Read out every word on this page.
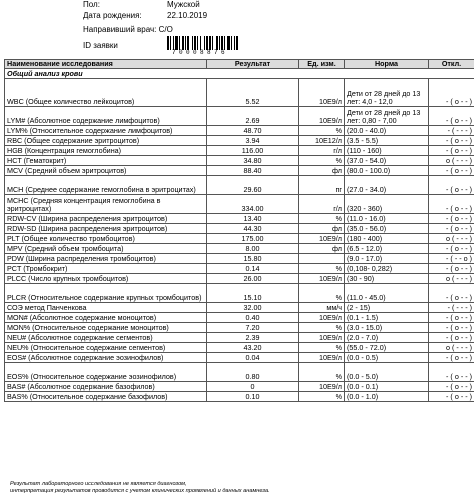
Пол:	Мужской
Дата рождения:	22.10.2019
Направивший врач: С/О
ID заявки
70008876
Наименование исследования	Результат	Ед. изм.	Норма	Откл.
Общий анализ крови				
WBC (Общее количество лейкоцитов)	5.52	10E9/л	Дети от 28 дней до 13 лет: 4,0 - 12,0	- ( o - - )
LYM# (Абсолютное содержание лимфоцитов)	2.69	10E9/л	Дети от 28 дней до 13 лет: 0,80 - 7,00	- ( o - - )
LYM% (Относительное содержание лимфоцитов)	48.70	%	(20.0 - 40.0)	- ( - - - )
RBC (Общее содержание эритроцитов)	3.94	10E12/л	(3.5 - 5.5)	- ( o - - )
HGB (Концентрация гемоглобина)	116.00	г/л	(110 - 160)	- ( o - - )
HCT (Гематокрит)	34.80	%	(37.0 - 54.0)	o ( - - - )
MCV (Средний объем эритроцитов)	88.40	фл	(80.0 - 100.0)	- ( o - - )
MCH (Среднее содержание гемоглобина в эритроцитах)	29.60	пг	(27.0 - 34.0)	- ( o - - )
MCHC (Средняя концентрация гемоглобина в эритроцитах)	334.00	г/л	(320 - 360)	- ( o - - )
RDW-CV (Ширина распределения эритроцитов)	13.40	%	(11.0 - 16.0)	- ( o - - )
RDW-SD (Ширина распределения эритроцитов)	44.30	фл	(35.0 - 56.0)	- ( o - - )
PLT (Общее количество тромбоцитов)	175.00	10E9/л	(180 - 400)	o ( - - - )
MPV (Средний объем тромбоцита)	8.00	фл	(6.5 - 12.0)	- ( o - - )
PDW (Ширина распределения тромбоцитов)	15.80		(9.0 - 17.0)	- ( - - o )
PCT (Тромбокрит)	0.14	%	(0,108- 0,282)	- ( o - - )
PLCC (Число крупных тромбоцитов)	26.00	10E9/л	(30 - 90)	o ( - - - )
PLCR (Относительное содержание крупных тромбоцитов)	15.10	%	(11.0 - 45.0)	- ( o - - )
СОЭ метод Панченкова	32.00	мм/ч	(2 - 15)	- ( - - - )
MON# (Абсолютное содержание моноцитов)	0.40	10E9/л	(0.1 - 1.5)	- ( o - - )
MON% (Относительное содержание моноцитов)	7.20	%	(3.0 - 15.0)	- ( o - - )
NEU# (Абсолютное содержание сегментов)	2.39	10E9/л	(2.0 - 7.0)	- ( o - - )
NEU% (Относительное содержание сегментов)	43.20	%	(55.0 - 72.0)	o ( - - - )
EOS# (Абсолютное содержание эозинофилов)	0.04	10E9/л	(0.0 - 0.5)	- ( o - - )
EOS% (Относительное содержание эозинофилов)	0.80	%	(0.0 - 5.0)	- ( o - - )
BAS# (Абсолютное содержание базофилов)	0	10E9/л	(0.0 - 0.1)	- ( o - - )
BAS% (Относительное содержание базофилов)	0.10	%	(0.0 - 1.0)	- ( o - - )
Результат лабораторного исследования не является диагнозом,
интерпретация результатов проводится с учетом клинических проявлений и данных анамнеза.
